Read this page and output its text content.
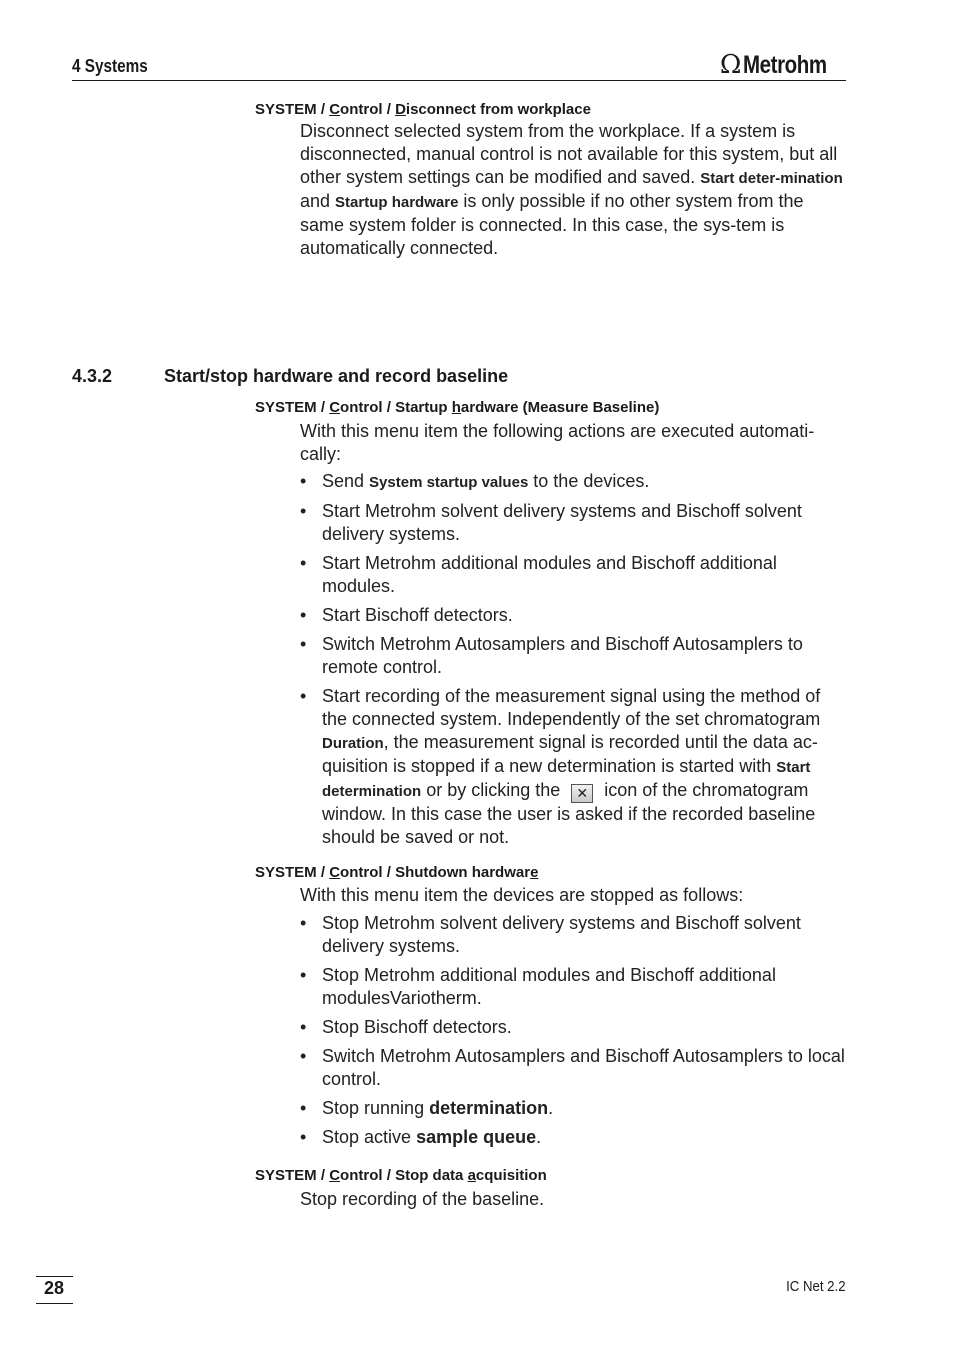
4 Systems	Ω Metrohm
SYSTEM / Control / Disconnect from workplace
Disconnect selected system from the workplace. If a system is disconnected, manual control is not available for this system, but all other system settings can be modified and saved. Start deter-mination and Startup hardware is only possible if no other system from the same system folder is connected. In this case, the sys-tem is automatically connected.
4.3.2	Start/stop hardware and record baseline
SYSTEM / Control / Startup hardware (Measure Baseline)
With this menu item the following actions are executed automati-cally:
• Send System startup values to the devices.
• Start Metrohm solvent delivery systems and Bischoff solvent delivery systems.
• Start Metrohm additional modules and Bischoff additional modules.
• Start Bischoff detectors.
• Switch Metrohm Autosamplers and Bischoff Autosamplers to remote control.
• Start recording of the measurement signal using the method of the connected system. Independently of the set chromatogram Duration, the measurement signal is recorded until the data ac-quisition is stopped if a new determination is started with Start determination or by clicking the ✕ icon of the chromatogram window. In this case the user is asked if the recorded baseline should be saved or not.
SYSTEM / Control / Shutdown hardware
With this menu item the devices are stopped as follows:
• Stop Metrohm solvent delivery systems and Bischoff solvent delivery systems.
• Stop Metrohm additional modules and Bischoff additional modulesVariotherm.
• Stop Bischoff detectors.
• Switch Metrohm Autosamplers and Bischoff Autosamplers to local control.
• Stop running determination.
• Stop active sample queue.
SYSTEM / Control / Stop data acquisition
Stop recording of the baseline.
28	IC Net 2.2
